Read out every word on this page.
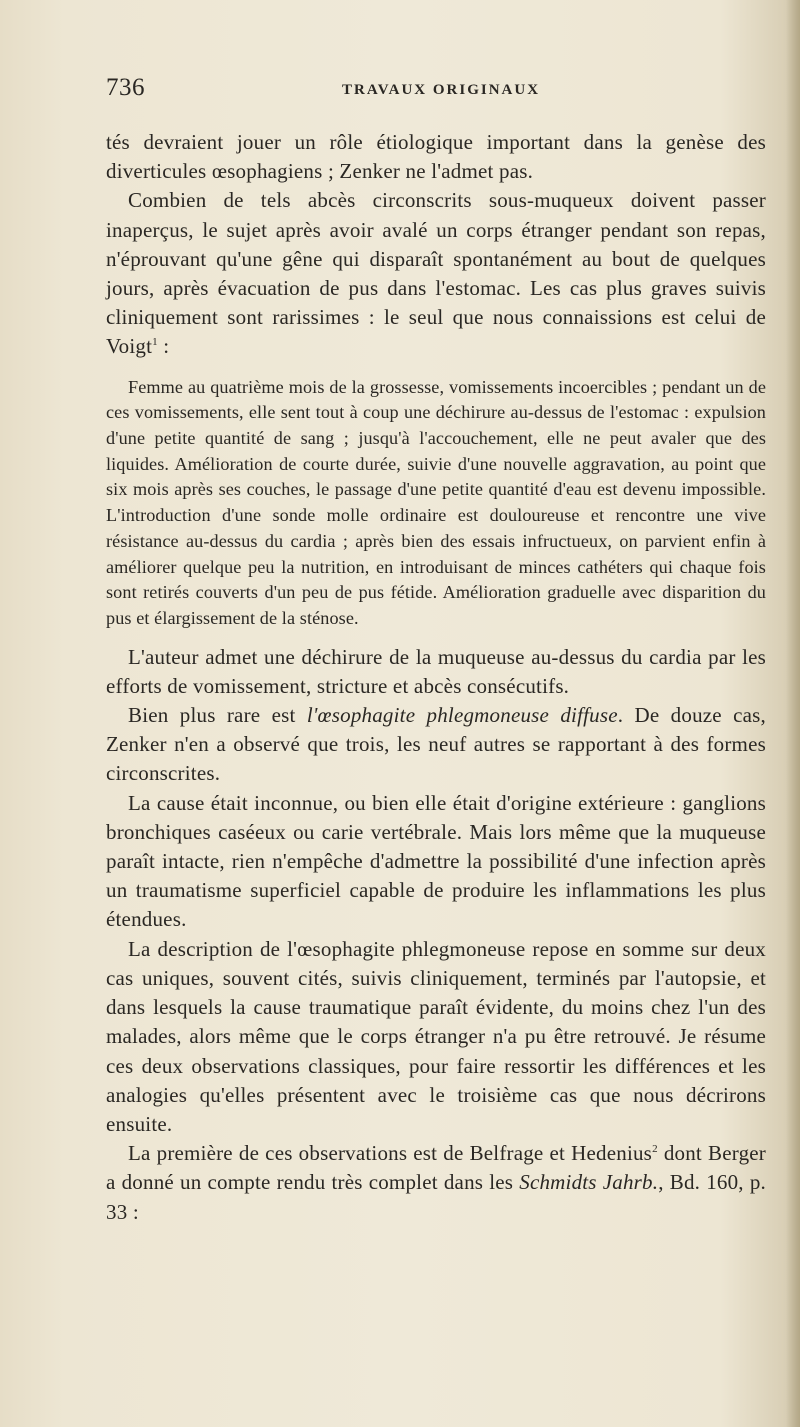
736	TRAVAUX ORIGINAUX

tés devraient jouer un rôle étiologique important dans la genèse des diverticules œsophagiens ; Zenker ne l'admet pas.

Combien de tels abcès circonscrits sous-muqueux doivent passer inaperçus, le sujet après avoir avalé un corps étranger pendant son repas, n'éprouvant qu'une gêne qui disparaît spontanément au bout de quelques jours, après évacuation de pus dans l'estomac. Les cas plus graves suivis cliniquement sont rarissimes : le seul que nous connaissions est celui de Voigt$^1$ :

Femme au quatrième mois de la grossesse, vomissements incoercibles ; pendant un de ces vomissements, elle sent tout à coup une déchirure au-dessus de l'estomac : expulsion d'une petite quantité de sang ; jusqu'à l'accouchement, elle ne peut avaler que des liquides. Amélioration de courte durée, suivie d'une nouvelle aggravation, au point que six mois après ses couches, le passage d'une petite quantité d'eau est devenu impossible. L'introduction d'une sonde molle ordinaire est douloureuse et rencontre une vive résistance au-dessus du cardia ; après bien des essais infructueux, on parvient enfin à améliorer quelque peu la nutrition, en introduisant de minces cathéters qui chaque fois sont retirés couverts d'un peu de pus fétide. Amélioration graduelle avec disparition du pus et élargissement de la sténose.

L'auteur admet une déchirure de la muqueuse au-dessus du cardia par les efforts de vomissement, stricture et abcès consécutifs.

Bien plus rare est l'œsophagite phlegmoneuse diffuse. De douze cas, Zenker n'en a observé que trois, les neuf autres se rapportant à des formes circonscrites.

La cause était inconnue, ou bien elle était d'origine extérieure : ganglions bronchiques caséeux ou carie vertébrale. Mais lors même que la muqueuse paraît intacte, rien n'empêche d'admettre la possibilité d'une infection après un traumatisme superficiel capable de produire les inflammations les plus étendues.

La description de l'œsophagite phlegmoneuse repose en somme sur deux cas uniques, souvent cités, suivis cliniquement, terminés par l'autopsie, et dans lesquels la cause traumatique paraît évidente, du moins chez l'un des malades, alors même que le corps étranger n'a pu être retrouvé. Je résume ces deux observations classiques, pour faire ressortir les différences et les analogies qu'elles présentent avec le troisième cas que nous décrirons ensuite.

La première de ces observations est de Belfrage et Hedenius$^2$ dont Berger a donné un compte rendu très complet dans les Schmidts Jahrb., Bd. 160, p. 33 :
